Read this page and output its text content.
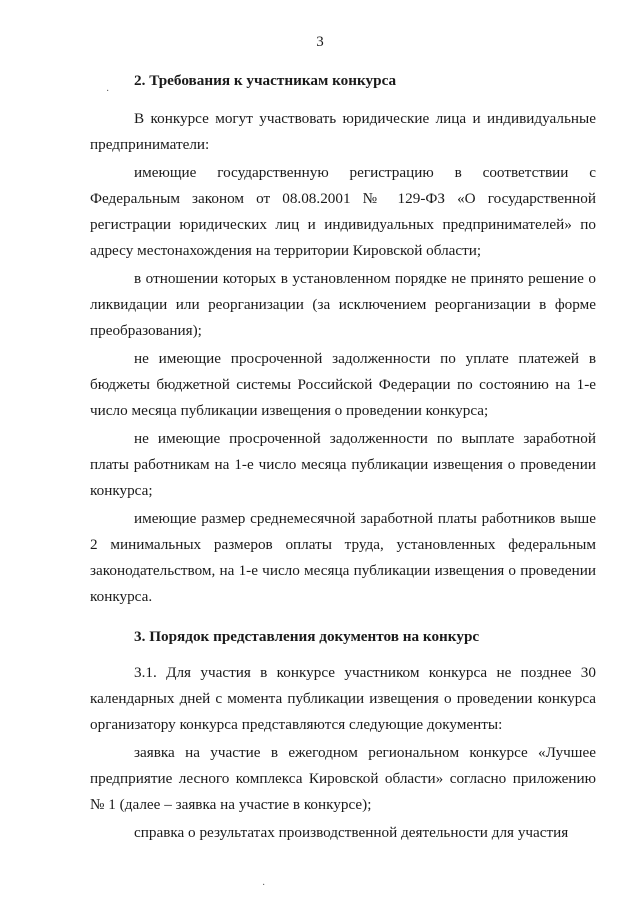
3
2. Требования к участникам конкурса

В конкурсе могут участвовать юридические лица и индивидуальные предприниматели:

имеющие государственную регистрацию в соответствии с Федеральным законом от 08.08.2001 № 129-ФЗ «О государственной регистрации юридических лиц и индивидуальных предпринимателей» по адресу местонахождения на территории Кировской области;

в отношении которых в установленном порядке не принято решение о ликвидации или реорганизации (за исключением реорганизации в форме преобразования);

не имеющие просроченной задолженности по уплате платежей в бюджеты бюджетной системы Российской Федерации по состоянию на 1-е число месяца публикации извещения о проведении конкурса;

не имеющие просроченной задолженности по выплате заработной платы работникам на 1-е число месяца публикации извещения о проведении конкурса;

имеющие размер среднемесячной заработной платы работников выше 2 минимальных размеров оплаты труда, установленных федеральным законодательством, на 1-е число месяца публикации извещения о проведении конкурса.

3. Порядок представления документов на конкурс

3.1. Для участия в конкурсе участником конкурса не позднее 30 календарных дней с момента публикации извещения о проведении конкурса организатору конкурса представляются следующие документы:

заявка на участие в ежегодном региональном конкурсе «Лучшее предприятие лесного комплекса Кировской области» согласно приложению № 1 (далее – заявка на участие в конкурсе);

справка о результатах производственной деятельности для участия

·
·
